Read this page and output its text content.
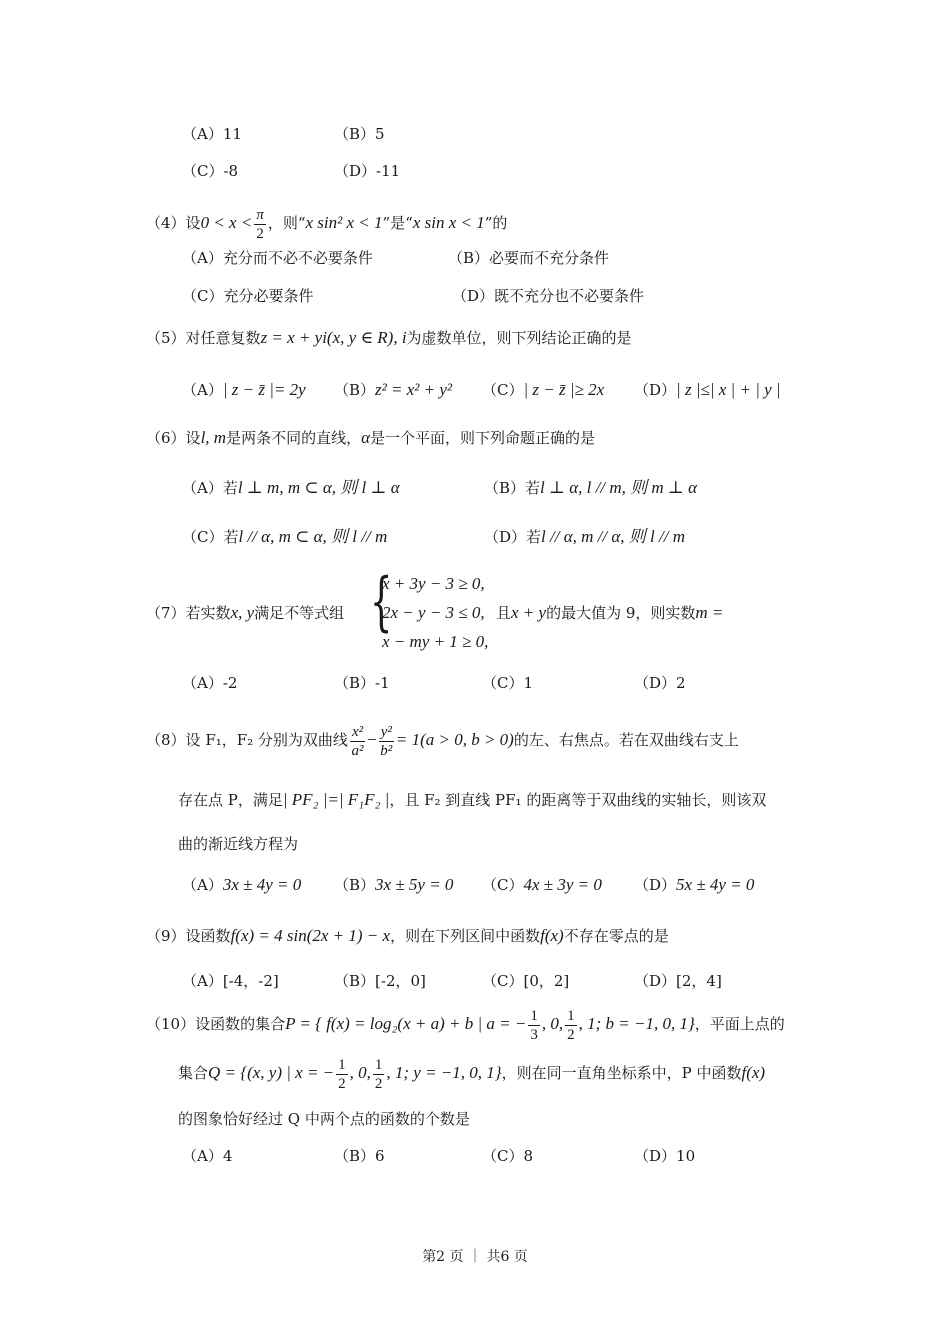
（A）11	（B）5
（C）-8	（D）-11
（4）设$0 < x < \frac{\pi}{2}$ ，则“x sin² x < 1”是“x sin x < 1”的
（A）充分而不必不必要条件	（B）必要而不充分条件
（C）充分必要条件	（D）既不充分也不必要条件
（5）对任意复数z = x + yi(x, y ∈ R), i为虚数单位，则下列结论正确的是
（A）| z − z̄ |= 2y （B）z² = x² + y² （C）| z − z̄ |≥ 2x （D）| z |≤| x | + | y |
（6）设l, m是两条不同的直线，α是一个平面，则下列命题正确的是
（A）若l ⊥ m, m ⊂ α, 则 l ⊥ α	（B）若l ⊥ α, l // m, 则 m ⊥ α
（C）若l // α, m ⊂ α, 则 l // m	（D）若l // α, m // α, 则 l // m
（7）若实数x, y满足不等式组 {
x + 3y − 3 ≥ 0,
2x − y − 3 ≤ 0,
x − my + 1 ≥ 0,
且x + y的最大值为 9，则实数m =
（A）-2	（B）-1	（C）1	（D）2
（8）设 F₁，F₂ 分别为双曲线 $\frac{\text{x²}}{\text{a²}} - \frac{\text{y²}}{\text{b²}} = 1(a > 0$, b > 0)的左、右焦点。若在双曲线右支上
存在点 P，满足| PF₂ |=| F₁F₂ |，且 F₂ 到直线 PF₁ 的距离等于双曲线的实轴长，则该双
曲的渐近线方程为
（A）3x ± 4y = 0 （B）3x ± 5y = 0 （C）4x ± 3y = 0 （D）5x ± 4y = 0
（9）设函数f(x) = 4 sin(2x + 1) − x，则在下列区间中函数f(x)不存在零点的是
（A）[-4，-2]	（B）[-2，0]	（C）[0，2]	（D）[2，4]
（10）设函数的集合P = { f(x) = log₂(x + a) + b | a = − $\frac{1}{3}$ , 0, $\frac{1}{2}$ , 1; b = −1, 0, 1}，平面上点的
集合Q = {(x, y) | x = − $\frac{1}{2}$ , 0, $\frac{1}{2}$ , 1; y = −1, 0, 1}，则在同一直角坐标系中，P 中函数f(x)
的图象恰好经过 Q 中两个点的函数的个数是
（A）4	（B）6	（C）8	（D）10
第2 页 ｜ 共6 页
